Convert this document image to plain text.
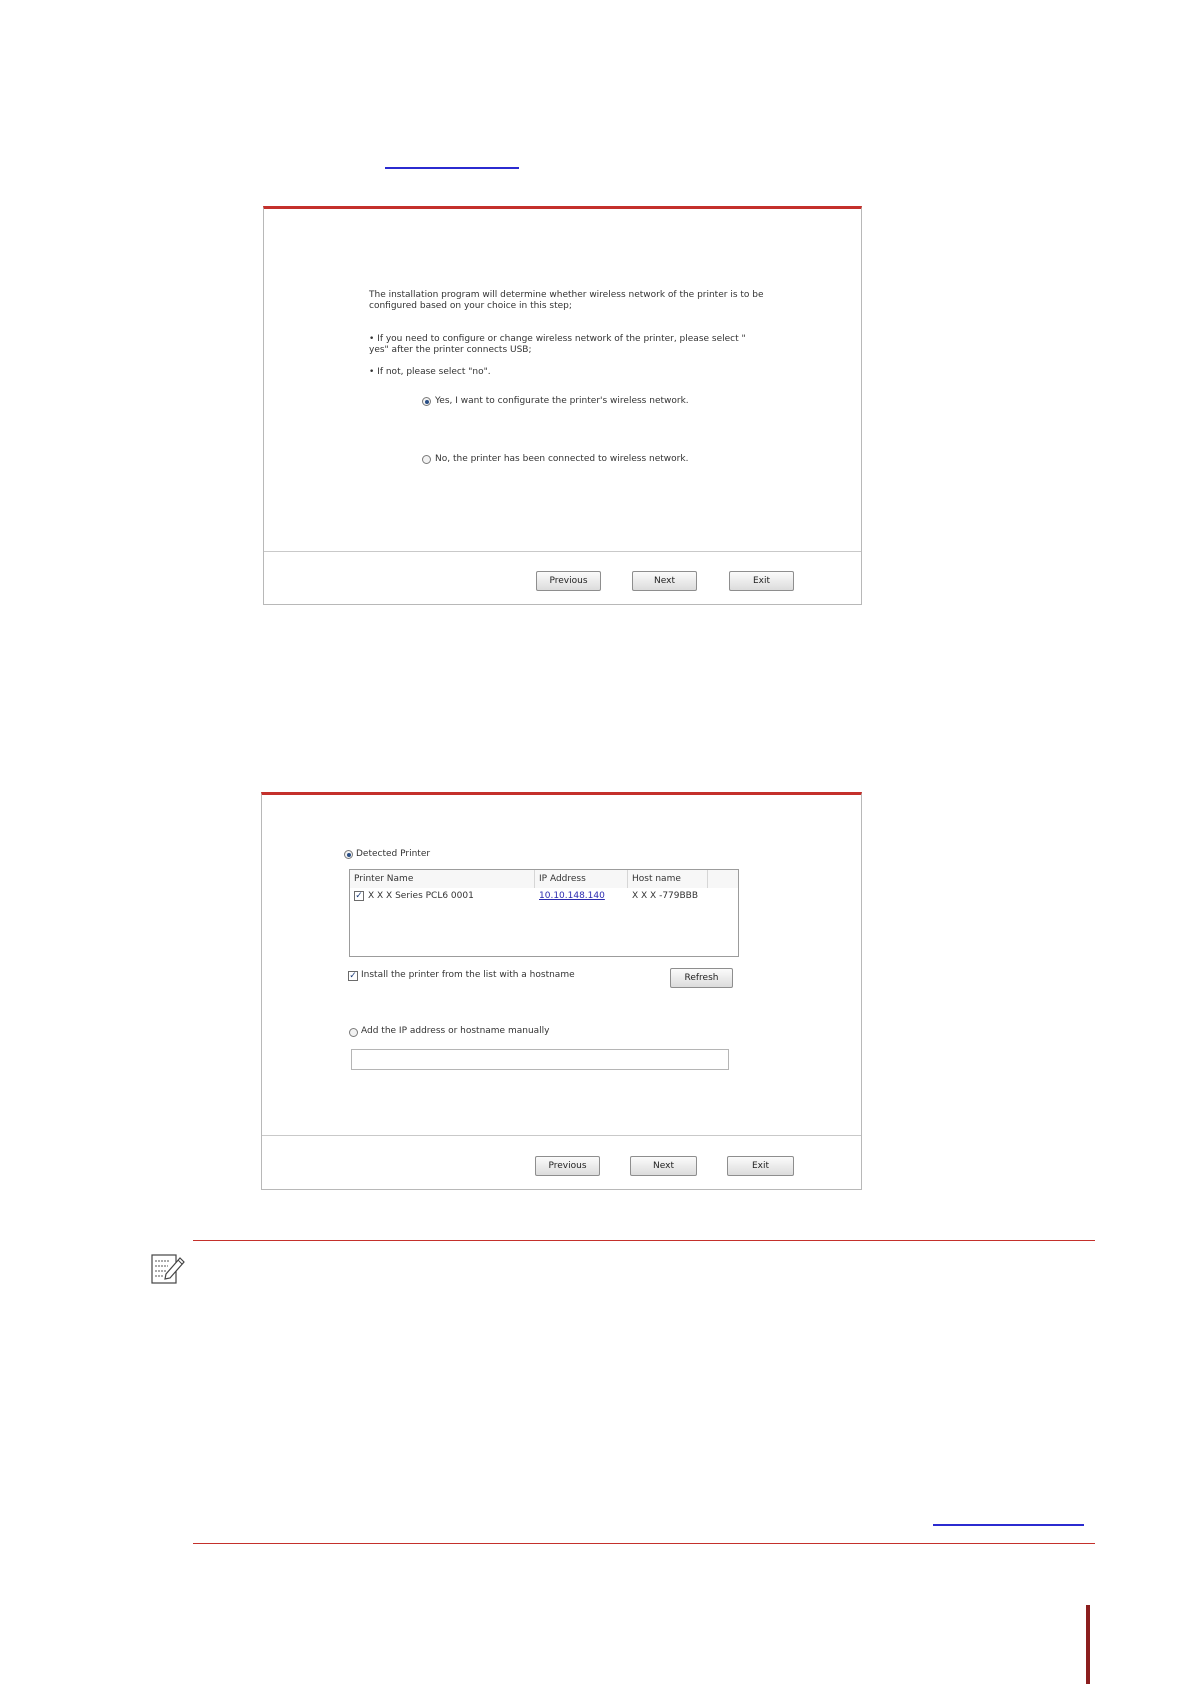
The installation program will determine whether wireless network of the printer is to be
configured based on your choice in this step;
• If you need to configure or change wireless network of the printer, please select "
yes" after the printer connects USB;
• If not, please select "no".
Yes, I want to configurate the printer's wireless network.
No, the printer has been connected to wireless network.
Previous	Next	Exit
Detected Printer
Printer Name	IP Address	Host name
✓ X X X Series PCL6 0001	10.10.148.140	X X X -779BBB
✓ Install the printer from the list with a hostname	Refresh
Add the IP address or hostname manually
Previous	Next	Exit
